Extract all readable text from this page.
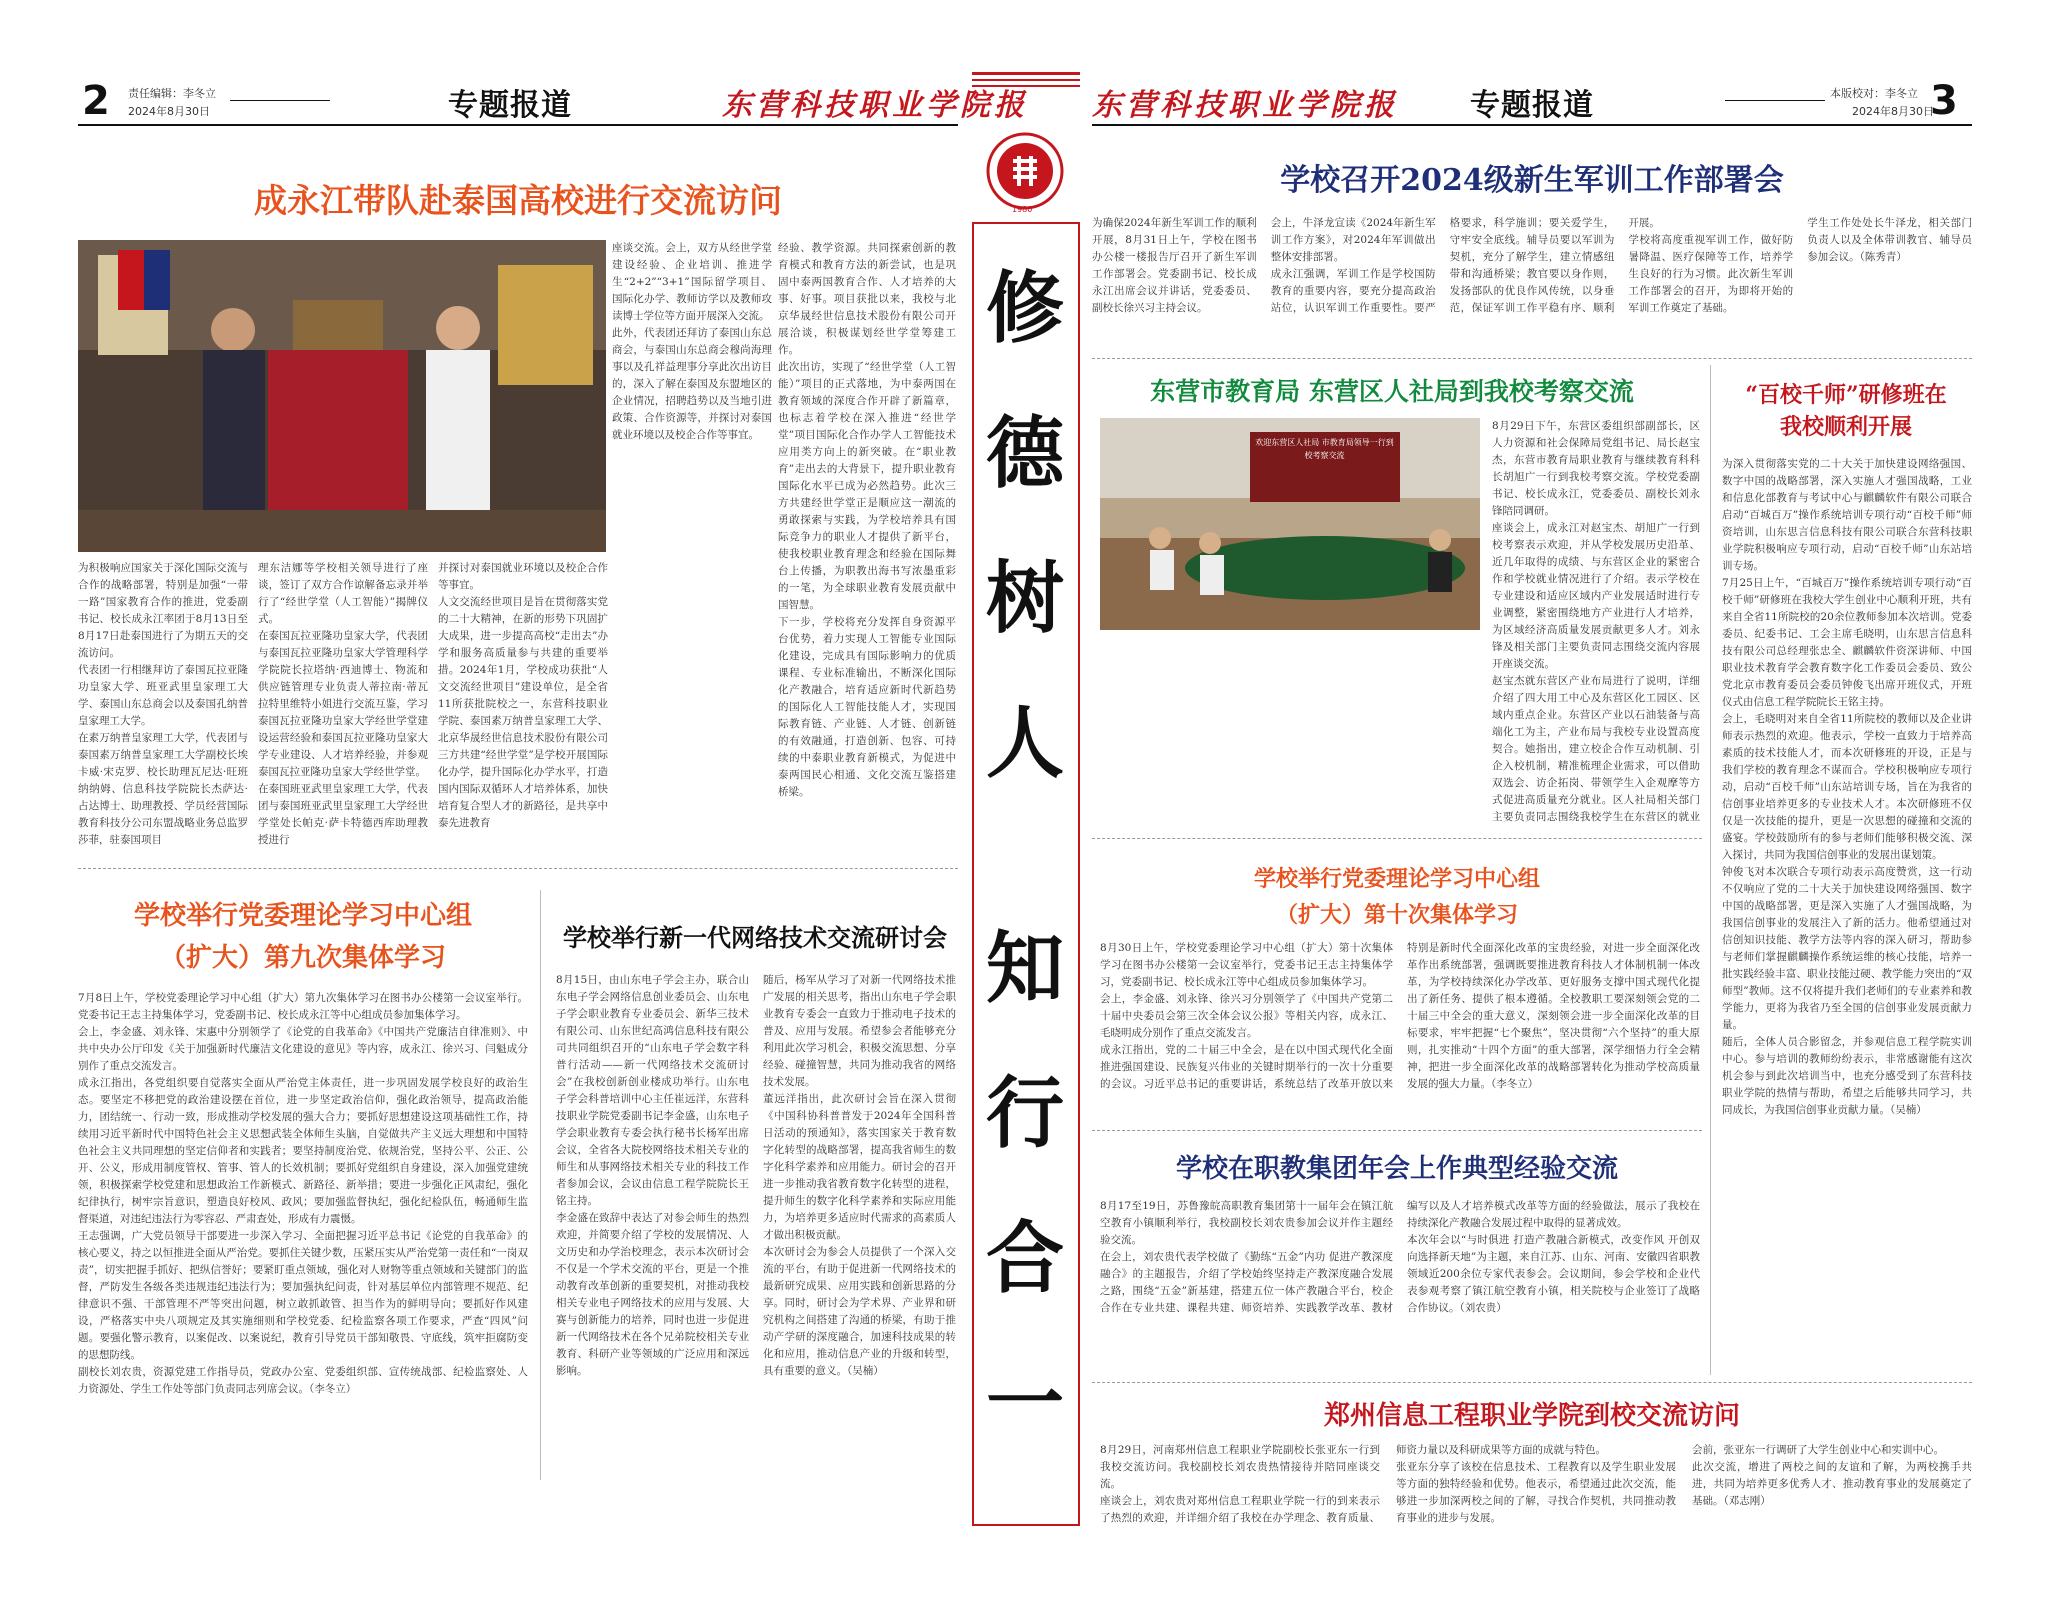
2 责任编辑：李冬立
2024年8月30日	专题报道	东营科技职业学院报 东营科技职业学院报 专题报道	本版校对：李冬立
2024年8月30日
3
1980
修
德
树
人
知
行
合
一
成永江带队赴泰国高校进行交流访问
座谈交流。会上，双方从经世学堂建设经验、企业培训、推进学生“2+2”“3+1”国际留学项目、国际化办学、教师访学以及教师攻读博士学位等方面开展深入交流。
此外，代表团还拜访了泰国山东总商会，与泰国山东总商会穆尚海理事以及孔祥益理事分享此次出访目的，深入了解在泰国及东盟地区的企业情况，招聘趋势以及当地引进政策、合作资源等，并探讨对泰国就业环境以及校企合作等事宜。
经验、教学资源。共同探索创新的教育模式和教育方法的新尝试，也是巩固中泰两国教育合作、人才培养的大事、好事。项目获批以来，我校与北京华晟经世信息技术股份有限公司开展洽谈，积极谋划经世学堂筹建工作。
此次出访，实现了“经世学堂（人工智能）”项目的正式落地，为中泰两国在教育领域的深度合作开辟了新篇章，也标志着学校在深入推进“经世学堂”项目国际化合作办学人工智能技术应用类方向上的新突破。在“职业教育”走出去的大背景下，提升职业教育国际化水平已成为必然趋势。此次三方共建经世学堂正是顺应这一潮流的勇敢探索与实践，为学校培养具有国际竞争力的职业人才提供了新平台，使我校职业教育理念和经验在国际舞台上传播，为职教出海书写浓墨重彩的一笔，为全球职业教育发展贡献中国智慧。
下一步，学校将充分发挥自身资源平台优势，着力实现人工智能专业国际化建设，完成具有国际影响力的优质课程、专业标准输出，不断深化国际化产教融合，培育适应新时代新趋势的国际化人工智能技能人才，实现国际教育链、产业链、人才链、创新链的有效融通，打造创新、包容、可持续的中泰职业教育新模式，为促进中泰两国民心相通、文化交流互鉴搭建桥梁。

为积极响应国家关于深化国际交流与合作的战略部署，特别是加强“一带一路”国家教育合作的推进，党委副书记、校长成永江率团于8月13日至8月17日赴泰国进行了为期五天的交流访问。
代表团一行相继拜访了泰国瓦拉亚隆功皇家大学、班亚武里皇家理工大学、泰国山东总商会以及泰国孔纳普皇家理工大学。
在素万纳普皇家理工大学，代表团与泰国素万纳普皇家理工大学副校长埃卡威·宋克罗、校长助理瓦尼达·旺班纳纳姆、信息科技学院院长杰萨达·占达博士、助理教授、学员经营国际教育科技分公司东盟战略业务总监罗莎菲，驻泰国项目
理东洁娜等学校相关领导进行了座谈，签订了双方合作谅解备忘录并举行了“经世学堂（人工智能）”揭牌仪式。
在泰国瓦拉亚隆功皇家大学，代表团与泰国瓦拉亚隆功皇家大学管理科学学院院长拉塔纳·西迪博士、物流和供应链管理专业负责人蒂拉南·蒂瓦拉特里维特小姐进行交流互鉴，学习泰国瓦拉亚隆功皇家大学经世学堂建设运营经验和泰国瓦拉亚隆功皇家大学专业建设、人才培养经验，并参观泰国瓦拉亚隆功皇家大学经世学堂。
在泰国班亚武里皇家理工大学，代表团与泰国班亚武里皇家理工大学经世学堂处长帕克·萨卡特德西库助理教授进行
并探讨对泰国就业环境以及校企合作等事宜。
人文交流经世项目是旨在贯彻落实党的二十大精神，在新的形势下巩固扩大成果，进一步提高高校“走出去”办学和服务高质量参与共建的重要举措。2024年1月，学校成功获批“人文交流经世项目”建设单位，是全省11所获批院校之一，东营科技职业学院、泰国素万纳普皇家理工大学、北京华晟经世信息技术股份有限公司三方共建“经世学堂”是学校开展国际化办学，提升国际化办学水平，打造国内国际双循环人才培养体系，加快培育复合型人才的新路径，是共享中泰先进教育
学校举行党委理论学习中心组
（扩大）第九次集体学习
7月8日上午，学校党委理论学习中心组（扩大）第九次集体学习在图书办公楼第一会议室举行。党委书记王志主持集体学习，党委副书记、校长成永江等中心组成员参加集体学习。
会上，李金盛、刘永锋、宋惠中分别领学了《论党的自我革命》《中国共产党廉洁自律准则》、中共中央办公厅印发《关于加强新时代廉洁文化建设的意见》等内容，成永江、徐兴习、闫魁成分别作了重点交流发言。
成永江指出，各党组织要自觉落实全面从严治党主体责任，进一步巩固发展学校良好的政治生态。要坚定不移把党的政治建设摆在首位，进一步坚定政治信仰，强化政治领导，提高政治能力，团结统一、行动一致，形成推动学校发展的强大合力；要抓好思想建设这项基础性工作，持续用习近平新时代中国特色社会主义思想武装全体师生头脑，自觉做共产主义远大理想和中国特色社会主义共同理想的坚定信仰者和实践者；要坚持制度治党、依规治党，坚持公平、公正、公开、公义，形成用制度管权、管事、管人的长效机制；要抓好党组织自身建设，深入加强党建统领，积极探索学校党建和思想政治工作新模式、新路径、新举措；要进一步强化正风肃纪，强化纪律执行，树牢宗旨意识，塑造良好校风、政风；要加强监督执纪，强化纪检队伍，畅通师生监督渠道，对违纪违法行为零容忍、严肃查处，形成有力震慑。
王志强调，广大党员领导干部要进一步深入学习、全面把握习近平总书记《论党的自我革命》的核心要义，持之以恒推进全面从严治党。要抓住关键少数，压紧压实从严治党第一责任和“一岗双责”，切实把握手抓好、把纵信誉好；要紧盯重点领域，强化对人财物等重点领域和关键部门的监督，严防发生各级各类违规违纪违法行为；要加强执纪问责，针对基层单位内部管理不规范、纪律意识不强、干部管理不严等突出问题，树立敢抓敢管、担当作为的鲜明导向；要抓好作风建设，严格落实中央八项规定及其实施细则和学校党委、纪检监察各项工作要求，严查“四风”问题。要强化警示教育，以案促改、以案说纪，教育引导党员干部知敬畏、守底线，筑牢拒腐防变的思想防线。
副校长刘农贵，资源党建工作指导员，党政办公室、党委组织部、宣传统战部、纪检监察处、人力资源处、学生工作处等部门负责同志列席会议。（李冬立）
学校举行新一代网络技术交流研讨会
8月15日，由山东电子学会主办，联合山东电子学会网络信息创业委员会、山东电子学会职业教育专业委员会、新华三技术有限公司、山东世纪高鸿信息科技有限公司共同组织召开的“山东电子学会数字科普行活动——新一代网络技术交流研讨会”在我校创新创业楼成功举行。山东电子学会科普培训中心主任崔远洋，东营科技职业学院党委副书记李金盛，山东电子学会职业教育专委会执行秘书长杨军出席会议，全省各大院校网络技术相关专业的师生和从事网络技术相关专业的科技工作者参加会议，会议由信息工程学院院长王铭主持。
李金盛在致辞中表达了对参会师生的热烈欢迎，并简要介绍了学校的发展情况、人文历史和办学治校理念，表示本次研讨会不仅是一个学术交流的平台，更是一个推动教育改革创新的重要契机，对推动我校相关专业电子网络技术的应用与发展、大赛与创新能力的培养，同时也进一步促进新一代网络技术在各个兄弟院校相关专业教育、科研产业等领域的广泛应用和深远影响。
随后，杨军从学习了对新一代网络技术推广发展的相关思考，指出山东电子学会职业教育专委会一直致力于推动电子技术的普及、应用与发展。希望参会者能够充分利用此次学习机会，积极交流思想、分享经验、碰撞智慧，共同为推动我省的网络技术发展。
董远洋指出，此次研讨会旨在深入贯彻《中国科协科普普发于2024年全国科普日活动的预通知》，落实国家关于教育数字化转型的战略部署，提高我省师生的数字化科学素养和应用能力。研讨会的召开进一步推动我省教育数字化转型的进程，提升师生的数字化科学素养和实际应用能力，为培养更多适应时代需求的高素质人才做出积极贡献。
本次研讨会为参会人员提供了一个深入交流的平台，有助于促进新一代网络技术的最新研究成果、应用实践和创新思路的分享。同时，研讨会为学术界、产业界和研究机构之间搭建了沟通的桥梁，有助于推动产学研的深度融合，加速科技成果的转化和应用，推动信息产业的升级和转型，具有重要的意义。（吴楠）
学校召开2024级新生军训工作部署会
为确保2024年新生军训工作的顺利开展，8月31日上午，学校在图书办公楼一楼报告厅召开了新生军训工作部署会。党委副书记、校长成永江出席会议并讲话，党委委员、副校长徐兴习主持会议。
会上，牛泽龙宣读《2024年新生军训工作方案》，对2024年军训做出整体安排部署。
成永江强调，军训工作是学校国防教育的重要内容，要充分提高政治站位，认识军训工作重要性。要严格要求，科学施训；要关爱学生，守牢安全底线。辅导员要以军训为契机，充分了解学生，建立情感纽带和沟通桥梁；教官要以身作则，发扬部队的优良作风传统，以身垂范，保证军训工作平稳有序、顺利开展。
学校将高度重视军训工作，做好防暑降温、医疗保障等工作，培养学生良好的行为习惯。此次新生军训工作部署会的召开，为即将开始的军训工作奠定了基础。
学生工作处处长牛泽龙，相关部门负责人以及全体带训教官、辅导员参加会议。（陈秀青）
东营市教育局 东营区人社局到我校考察交流
欢迎东营区人社局 市教育局领导一行到校考察交流
8月29日下午，东营区委组织部副部长，区人力资源和社会保障局党组书记、局长赵宝杰，东营市教育局职业教育与继续教育科科长胡旭广一行到我校考察交流。学校党委副书记、校长成永江，党委委员、副校长刘永锋陪同调研。
座谈会上，成永江对赵宝杰、胡旭广一行到校考察表示欢迎，并从学校发展历史沿革、近几年取得的成绩、与东营区企业的紧密合作和学校就业情况进行了介绍。表示学校在专业建设和适应区域内产业发展适时进行专业调整，紧密围绕地方产业进行人才培养，为区域经济高质量发展贡献更多人才。刘永锋及相关部门主要负责同志围绕交流内容展开座谈交流。
赵宝杰就东营区产业布局进行了说明，详细介绍了四大用工中心及东营区化工园区、区域内重点企业。东营区产业以石油装备与高端化工为主，产业布局与我校专业设置高度契合。她指出，建立校企合作互动机制、引企入校机制，精准梳理企业需求，可以借助双选会、访企拓岗、带领学生入企观摩等方式促进高质量充分就业。区人社局相关部门主要负责同志围绕我校学生在东营区的就业

“百校千师”研修班在
我校顺利开展
为深入贯彻落实党的二十大关于加快建设网络强国、数字中国的战略部署，深入实施人才强国战略，工业和信息化部教育与考试中心与麒麟软件有限公司联合启动“百城百万”操作系统培训专项行动“百校千师”师资培训，山东思言信息科技有限公司联合东营科技职业学院积极响应专项行动，启动“百校千师”山东站培训专场。
7月25日上午，“百城百万”操作系统培训专项行动“百校千师”研修班在我校大学生创业中心顺利开班，共有来自全省11所院校的20余位教师参加本次培训。党委委员、纪委书记、工会主席毛晓明，山东思言信息科技有限公司总经理张忠全、麒麟软件资深讲师、中国职业技术教育学会教育数字化工作委员会委员、致公党北京市教育委员会委员钟俊飞出席开班仪式，开班仪式由信息工程学院院长王铭主持。
会上，毛晓明对来自全省11所院校的教师以及企业讲师表示热烈的欢迎。他表示，学校一直致力于培养高素质的技术技能人才，而本次研修班的开设，正是与我们学校的教育理念不谋而合。学校积极响应专项行动，启动“百校千师”山东站培训专场，旨在为我省的信创事业培养更多的专业技术人才。本次研修班不仅仅是一次技能的提升，更是一次思想的碰撞和交流的盛宴。学校鼓励所有的参与老师们能够积极交流、深入探讨，共同为我国信创事业的发展出谋划策。
钟俊飞对本次联合专项行动表示高度赞赏，这一行动不仅响应了党的二十大关于加快建设网络强国、数字中国的战略部署，更是深入实施了人才强国战略，为我国信创事业的发展注入了新的活力。他希望通过对信创知识技能、教学方法等内容的深入研习，帮助参与老师们掌握麒麟操作系统运维的核心技能，培养一批实践经验丰富、职业技能过硬、教学能力突出的“双师型”教师。这不仅将提升我们老师们的专业素养和教学能力，更将为我省乃至全国的信创事业发展贡献力量。
随后，全体人员合影留念，并参观信息工程学院实训中心。参与培训的教师纷纷表示，非常感谢能有这次机会参与到此次培训当中，也充分感受到了东营科技职业学院的热情与帮助，希望之后能够共同学习，共同成长，为我国信创事业贡献力量。（吴楠）
学校举行党委理论学习中心组
（扩大）第十次集体学习
8月30日上午，学校党委理论学习中心组（扩大）第十次集体学习在图书办公楼第一会议室举行，党委书记王志主持集体学习，党委副书记、校长成永江等中心组成员参加集体学习。
会上，李金盛、刘永锋、徐兴习分别领学了《中国共产党第二十届中央委员会第三次全体会议公报》等相关内容，成永江、毛晓明成分别作了重点交流发言。
成永江指出，党的二十届三中全会，是在以中国式现代化全面推进强国建设、民族复兴伟业的关键时期举行的一次十分重要的会议。习近平总书记的重要讲话，系统总结了改革开放以来特别是新时代全面深化改革的宝贵经验，对进一步全面深化改革作出系统部署，强调既要推进教育科技人才体制机制一体改革，为学校持续深化办学改革、更好服务支撑中国式现代化提出了新任务、提供了根本遵循。全校教职工要深刻领会党的二十届三中全会的重大意义，深刻领会进一步全面深化改革的目标要求，牢牢把握“七个聚焦”，坚决贯彻“六个坚持”的重大原则，扎实推动“十四个方面”的重大部署，深学细悟力行全会精神，把进一步全面深化改革的战略部署转化为推动学校高质量发展的强大力量。（李冬立）
学校在职教集团年会上作典型经验交流
8月17至19日，苏鲁豫皖高职教育集团第十一届年会在镇江航空教育小镇顺利举行，我校副校长刘农贵参加会议并作主题经验交流。
在会上，刘农贵代表学校做了《勤练“五金”内功 促进产教深度融合》的主题报告，介绍了学校始终坚持走产教深度融合发展之路，围绕“五金”新基建，搭建五位一体产教融合平台，校企合作在专业共建、课程共建、师资培养、实践教学改革、教材编写以及人才培养模式改革等方面的经验做法，展示了我校在持续深化产教融合发展过程中取得的显著成效。
本次年会以“与时俱进 打造产教融合新模式，改变作风 开创双向选择新天地”为主题，来自江苏、山东、河南、安徽四省职教领域近200余位专家代表参会。会议期间，参会学校和企业代表参观考察了镇江航空教育小镇，相关院校与企业签订了战略合作协议。（刘农贵）
郑州信息工程职业学院到校交流访问
8月29日，河南郑州信息工程职业学院副校长张亚东一行到我校交流访问。我校副校长刘农贵热情接待并陪同座谈交流。
座谈会上，刘农贵对郑州信息工程职业学院一行的到来表示了热烈的欢迎，并详细介绍了我校在办学理念、教育质量、师资力量以及科研成果等方面的成就与特色。
张亚东分享了该校在信息技术、工程教育以及学生职业发展等方面的独特经验和优势。他表示，希望通过此次交流，能够进一步加深两校之间的了解，寻找合作契机，共同推动教育事业的进步与发展。
会前，张亚东一行调研了大学生创业中心和实训中心。
此次交流，增进了两校之间的友谊和了解，为两校携手共进，共同为培养更多优秀人才、推动教育事业的发展奠定了基础。（邓志刚）
